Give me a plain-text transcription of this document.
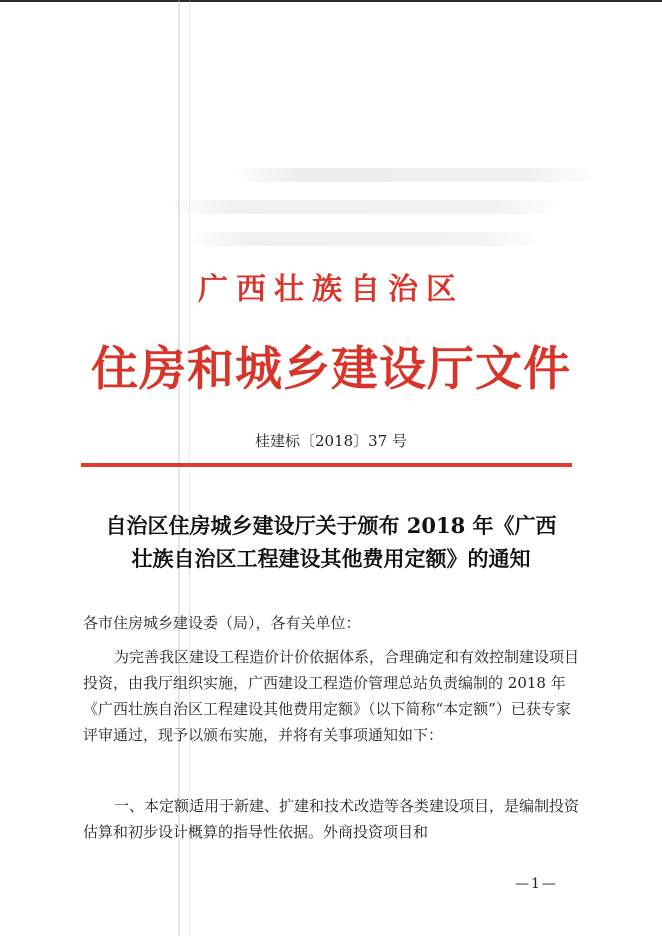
广西壮族自治区
住房和城乡建设厅文件
桂建标〔2018〕37 号
自治区住房城乡建设厅关于颁布 2018 年《广西
壮族自治区工程建设其他费用定额》的通知

各市住房城乡建设委（局），各有关单位：

为完善我区建设工程造价计价依据体系，合理确定和有效控制建设项目投资，由我厅组织实施，广西建设工程造价管理总站负责编制的 2018 年《广西壮族自治区工程建设其他费用定额》（以下简称“本定额”）已获专家评审通过，现予以颁布实施，并将有关事项通知如下：

一、本定额适用于新建、扩建和技术改造等各类建设项目，是编制投资估算和初步设计概算的指导性依据。外商投资项目和

—1—
